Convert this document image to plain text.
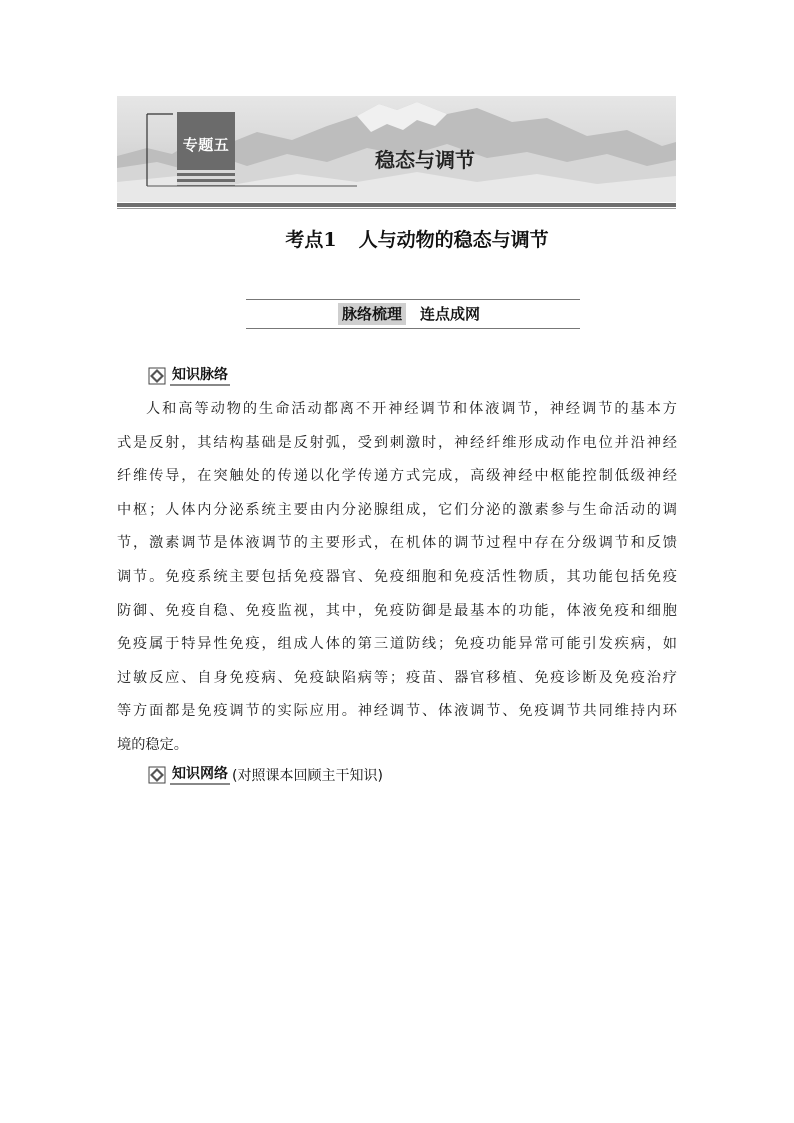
专题五
稳态与调节
考点1 人与动物的稳态与调节
脉络梳理 连点成网
知识脉络
人和高等动物的生命活动都离不开神经调节和体液调节，神经调节的基本方
式是反射，其结构基础是反射弧，受到刺激时，神经纤维形成动作电位并沿神经
纤维传导，在突触处的传递以化学传递方式完成，高级神经中枢能控制低级神经
中枢；人体内分泌系统主要由内分泌腺组成，它们分泌的激素参与生命活动的调
节，激素调节是体液调节的主要形式，在机体的调节过程中存在分级调节和反馈
调节。免疫系统主要包括免疫器官、免疫细胞和免疫活性物质，其功能包括免疫
防御、免疫自稳、免疫监视，其中，免疫防御是最基本的功能，体液免疫和细胞
免疫属于特异性免疫，组成人体的第三道防线；免疫功能异常可能引发疾病，如
过敏反应、自身免疫病、免疫缺陷病等；疫苗、器官移植、免疫诊断及免疫治疗
等方面都是免疫调节的实际应用。神经调节、体液调节、免疫调节共同维持内环
境的稳定。
知识网络 (对照课本回顾主干知识)
